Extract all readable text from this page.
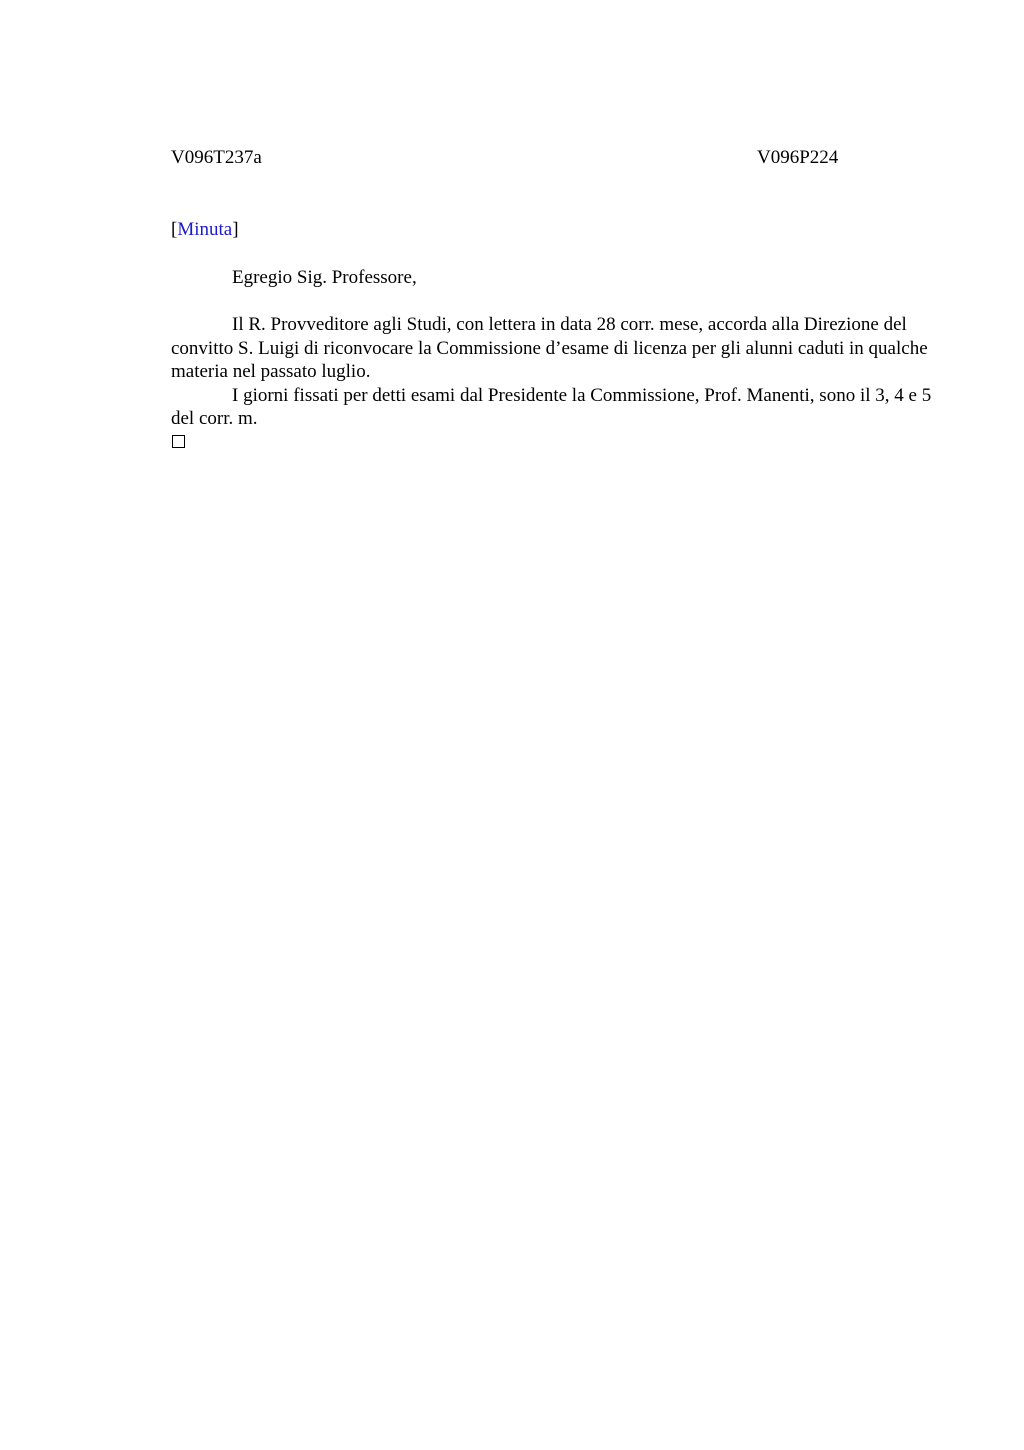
V096T237a	V096P224
[Minuta]
Egregio Sig. Professore,

Il R. Provveditore agli Studi, con lettera in data 28 corr. mese, accorda alla Direzione del convitto S. Luigi di riconvocare la Commissione d’esame di licenza per gli alunni caduti in qualche materia nel passato luglio.

I giorni fissati per detti esami dal Presidente la Commissione, Prof. Manenti, sono il 3, 4 e 5 del corr. m.
